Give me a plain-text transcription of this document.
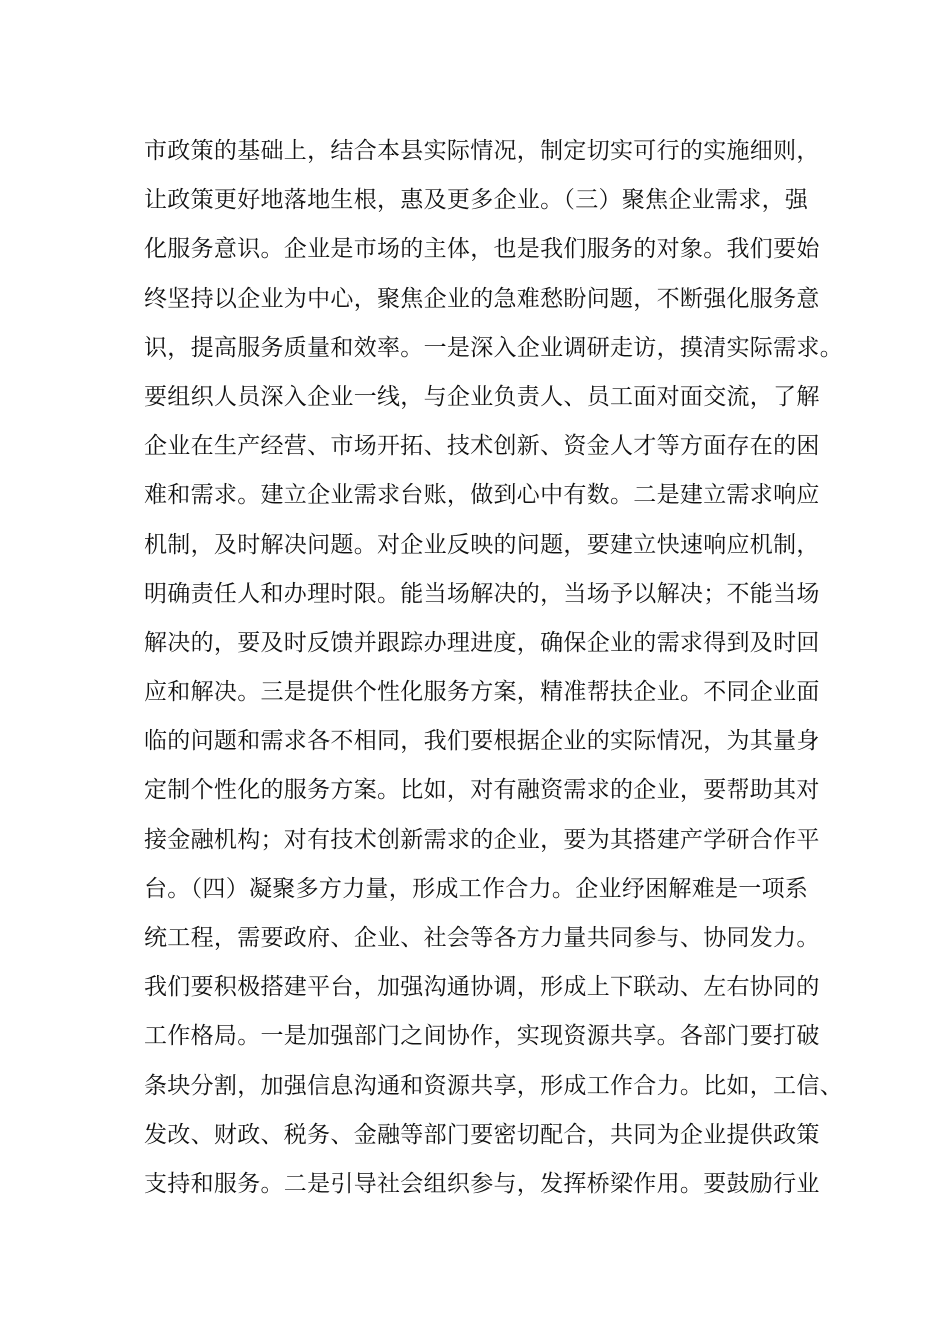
市政策的基础上，结合本县实际情况，制定切实可行的实施细则，
让政策更好地落地生根，惠及更多企业。（三）聚焦企业需求，强
化服务意识。企业是市场的主体，也是我们服务的对象。我们要始
终坚持以企业为中心，聚焦企业的急难愁盼问题，不断强化服务意
识，提高服务质量和效率。一是深入企业调研走访，摸清实际需求。
要组织人员深入企业一线，与企业负责人、员工面对面交流，了解
企业在生产经营、市场开拓、技术创新、资金人才等方面存在的困
难和需求。建立企业需求台账，做到心中有数。二是建立需求响应
机制，及时解决问题。对企业反映的问题，要建立快速响应机制，
明确责任人和办理时限。能当场解决的，当场予以解决；不能当场
解决的，要及时反馈并跟踪办理进度，确保企业的需求得到及时回
应和解决。三是提供个性化服务方案，精准帮扶企业。不同企业面
临的问题和需求各不相同，我们要根据企业的实际情况，为其量身
定制个性化的服务方案。比如，对有融资需求的企业，要帮助其对
接金融机构；对有技术创新需求的企业，要为其搭建产学研合作平
台。（四）凝聚多方力量，形成工作合力。企业纾困解难是一项系
统工程，需要政府、企业、社会等各方力量共同参与、协同发力。
我们要积极搭建平台，加强沟通协调，形成上下联动、左右协同的
工作格局。一是加强部门之间协作，实现资源共享。各部门要打破
条块分割，加强信息沟通和资源共享，形成工作合力。比如，工信、
发改、财政、税务、金融等部门要密切配合，共同为企业提供政策
支持和服务。二是引导社会组织参与，发挥桥梁作用。要鼓励行业
